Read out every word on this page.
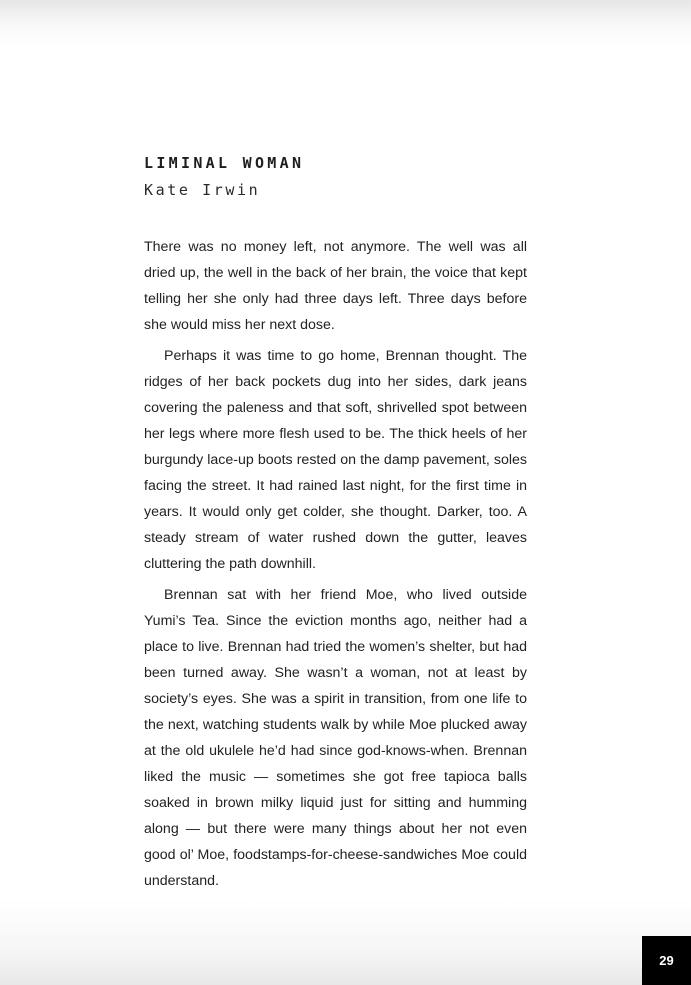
LIMINAL WOMAN
Kate Irwin

There was no money left, not anymore. The well was all dried up, the well in the back of her brain, the voice that kept telling her she only had three days left. Three days before she would miss her next dose.

Perhaps it was time to go home, Brennan thought. The ridges of her back pockets dug into her sides, dark jeans covering the paleness and that soft, shrivelled spot between her legs where more flesh used to be. The thick heels of her burgundy lace-up boots rested on the damp pavement, soles facing the street. It had rained last night, for the first time in years. It would only get colder, she thought. Darker, too. A steady stream of water rushed down the gutter, leaves cluttering the path downhill.

Brennan sat with her friend Moe, who lived outside Yumi’s Tea. Since the eviction months ago, neither had a place to live. Brennan had tried the women’s shelter, but had been turned away. She wasn’t a woman, not at least by society’s eyes. She was a spirit in transition, from one life to the next, watching students walk by while Moe plucked away at the old ukulele he’d had since god-knows-when. Brennan liked the music — sometimes she got free tapioca balls soaked in brown milky liquid just for sitting and humming along — but there were many things about her not even good ol’ Moe, foodstamps-for-cheese-sandwiches Moe could understand.

29
